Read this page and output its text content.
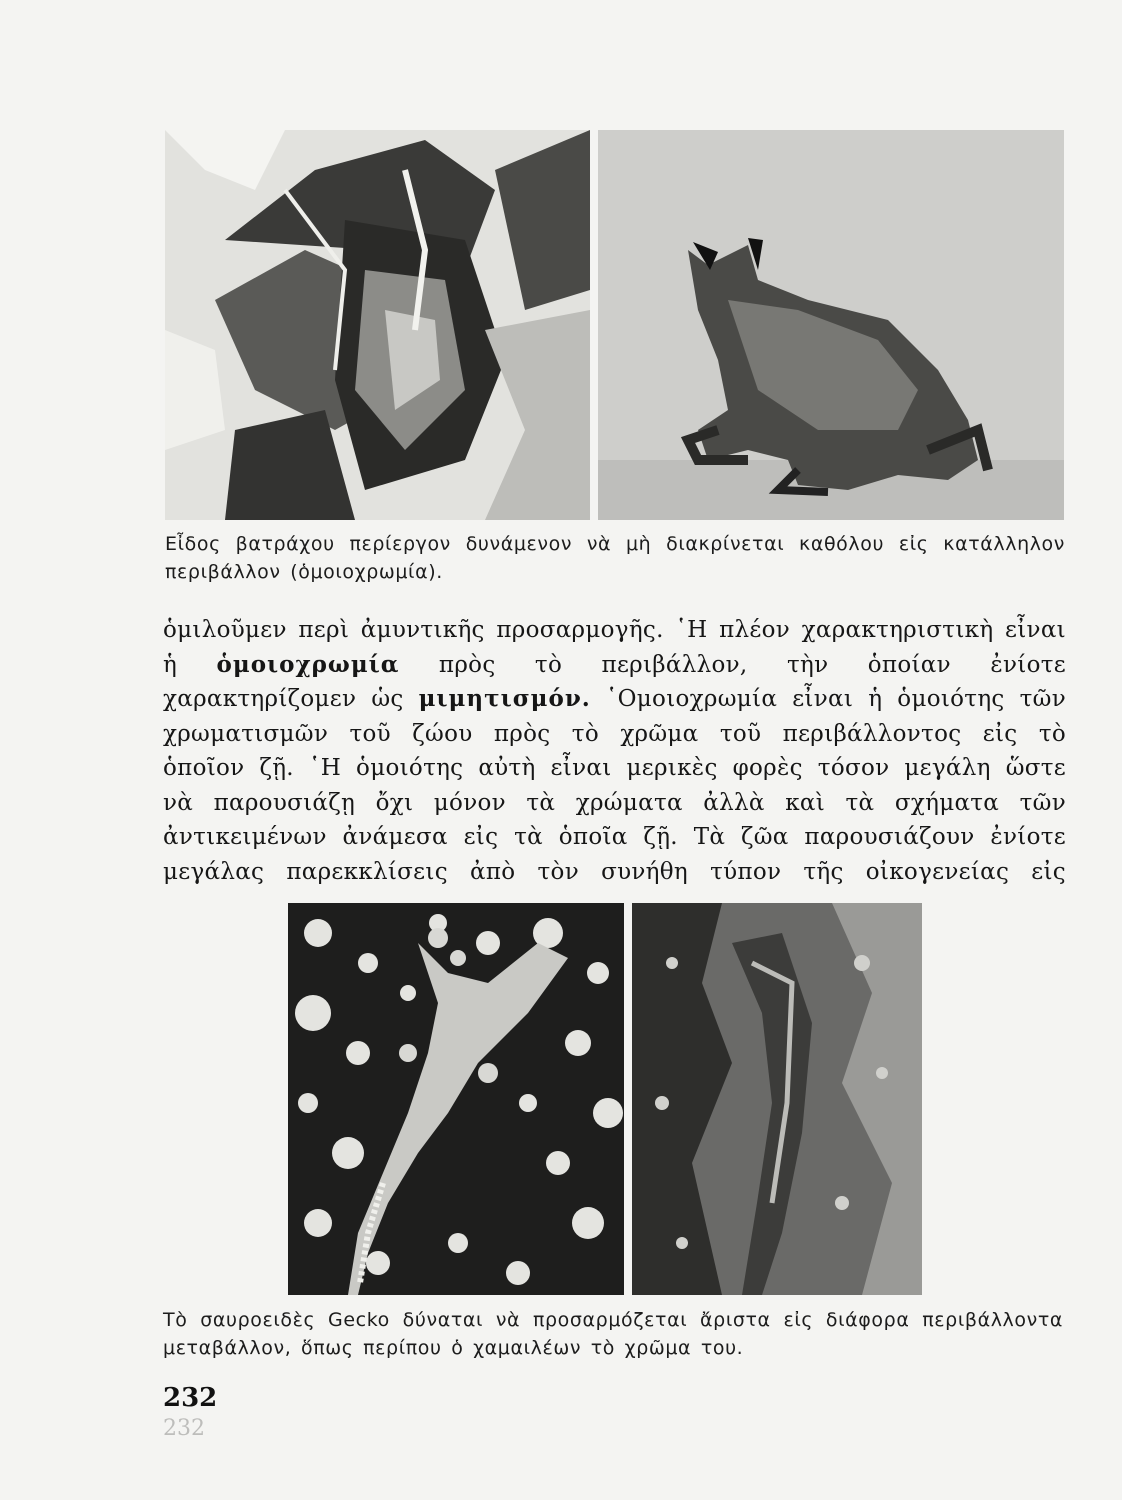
Εἶδος βατράχου περίεργον δυνάμενον νὰ μὴ διακρίνεται καθόλου εἰς κατάλληλον περιβάλλον (ὁμοιοχρωμία).
ὁμιλοῦμεν περὶ ἀμυντικῆς προσαρμογῆς. ῾Η πλέον χαρακτηριστικὴ εἶναι ἡ ὁμοιοχρωμία πρὸς τὸ περιβάλλον, τὴν ὁποίαν ἐνίοτε χαρακτηρίζομεν ὡς μιμητισμόν. ῾Ομοιοχρωμία εἶναι ἡ ὁμοιότης τῶν χρωματισμῶν τοῦ ζώου πρὸς τὸ χρῶμα τοῦ περιβάλλοντος εἰς τὸ ὁποῖον ζῇ. ῾Η ὁμοιότης αὐτὴ εἶναι μερικὲς φορὲς τόσον μεγάλη ὥστε νὰ παρουσιάζῃ ὄχι μόνον τὰ χρώματα ἀλλὰ καὶ τὰ σχήματα τῶν ἀντικειμένων ἀνάμεσα εἰς τὰ ὁποῖα ζῇ. Τὰ ζῶα παρουσιάζουν ἐνίοτε μεγάλας παρεκκλίσεις ἀπὸ τὸν συνήθη τύπον τῆς οἰκογενείας εἰς
Τὸ σαυροειδὲς Gecko δύναται νὰ προσαρμόζεται ἄριστα εἰς διάφορα περιβάλλοντα μεταβάλλον, ὅπως περίπου ὁ χαμαιλέων τὸ χρῶμα του.
232
232
